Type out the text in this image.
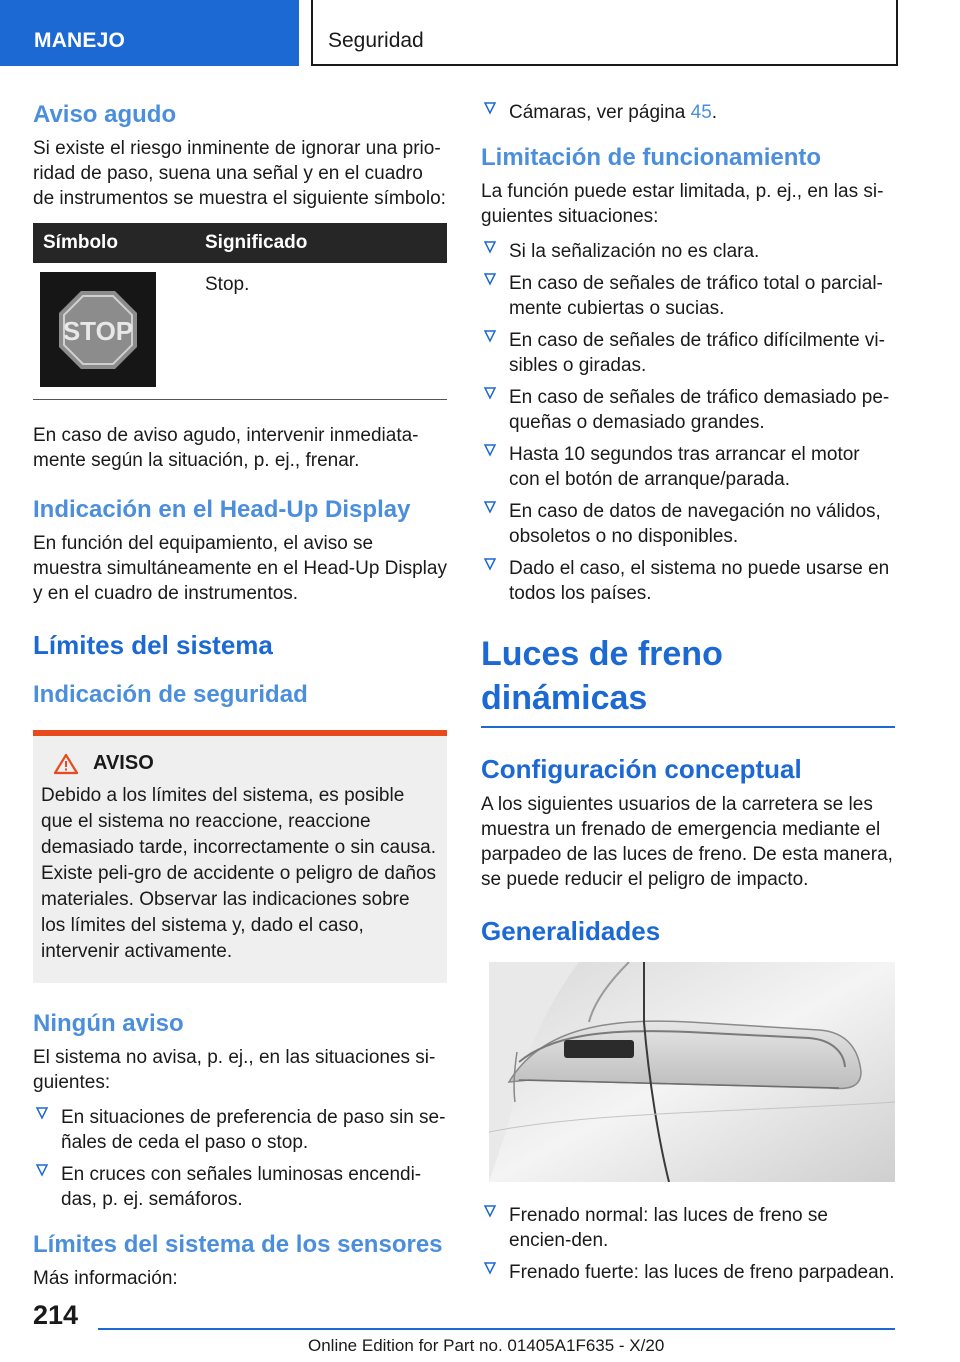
MANEJO	Seguridad
Aviso agudo

Si existe el riesgo inminente de ignorar una prio-ridad de paso, suena una señal y en el cuadro de instrumentos se muestra el siguiente símbolo:

Símbolo	Significado
STOP
Stop.

En caso de aviso agudo, intervenir inmediata-mente según la situación, p. ej., frenar.

Indicación en el Head-Up Display

En función del equipamiento, el aviso se muestra simultáneamente en el Head-Up Display y en el cuadro de instrumentos.

Límites del sistema
Indicación de seguridad
AVISO

Debido a los límites del sistema, es posible que el sistema no reaccione, reaccione demasiado tarde, incorrectamente o sin causa. Existe peli-gro de accidente o peligro de daños materiales. Observar las indicaciones sobre los límites del sistema y, dado el caso, intervenir activamente.

Ningún aviso

El sistema no avisa, p. ej., en las situaciones si-guientes:

En situaciones de preferencia de paso sin se-ñales de ceda el paso o stop.
En cruces con señales luminosas encendi-das, p. ej. semáforos.
Límites del sistema de los sensores

Más información:

Cámaras, ver página 45.
Limitación de funcionamiento

La función puede estar limitada, p. ej., en las si-guientes situaciones:

Si la señalización no es clara.
En caso de señales de tráfico total o parcial-mente cubiertas o sucias.
En caso de señales de tráfico difícilmente vi-sibles o giradas.
En caso de señales de tráfico demasiado pe-queñas o demasiado grandes.
Hasta 10 segundos tras arrancar el motor con el botón de arranque/parada.
En caso de datos de navegación no válidos, obsoletos o no disponibles.
Dado el caso, el sistema no puede usarse en todos los países.
Luces de freno dinámicas
Configuración conceptual

A los siguientes usuarios de la carretera se les muestra un frenado de emergencia mediante el parpadeo de las luces de freno. De esta manera, se puede reducir el peligro de impacto.

Generalidades
Frenado normal: las luces de freno se encien-den.
Frenado fuerte: las luces de freno parpadean.
214
Online Edition for Part no. 01405A1F635 - X/20
